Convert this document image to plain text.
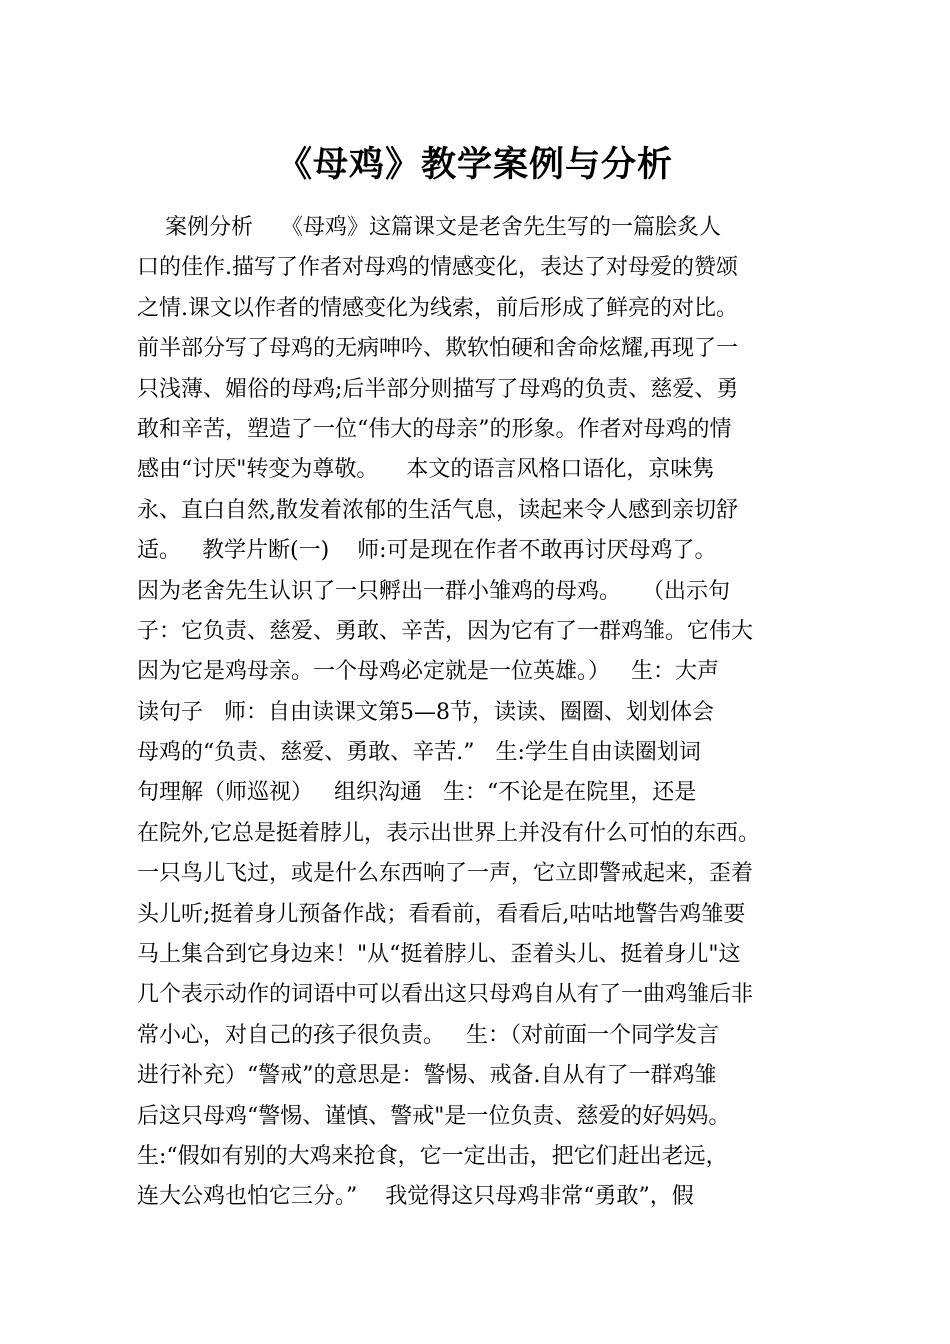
《母鸡》教学案例与分析
案例分析    《母鸡》这篇课文是老舍先生写的一篇脍炙人
口的佳作.描写了作者对母鸡的情感变化，表达了对母爱的赞颂
之情.课文以作者的情感变化为线索，前后形成了鲜亮的对比。
前半部分写了母鸡的无病呻吟、欺软怕硬和舍命炫耀,再现了一
只浅薄、媚俗的母鸡;后半部分则描写了母鸡的负责、慈爱、勇
敢和辛苦，塑造了一位“伟大的母亲”的形象。作者对母鸡的情
感由“讨厌"转变为尊敬。    本文的语言风格口语化，京味隽
永、直白自然,散发着浓郁的生活气息，读起来令人感到亲切舒
适。   教学片断(一)    师:可是现在作者不敢再讨厌母鸡了。
因为老舍先生认识了一只孵出一群小雏鸡的母鸡。   （出示句
子：它负责、慈爱、勇敢、辛苦，因为它有了一群鸡雏。它伟大
因为它是鸡母亲。一个母鸡必定就是一位英雄。）   生：大声
读句子   师：自由读课文第5—8节，读读、圈圈、划划体会
母鸡的“负责、慈爱、勇敢、辛苦.”   生:学生自由读圈划词
句理解（师巡视）   组织沟通   生：“不论是在院里，还是
在院外,它总是挺着脖儿，表示出世界上并没有什么可怕的东西。
一只鸟儿飞过，或是什么东西响了一声，它立即警戒起来，歪着
头儿听;挺着身儿预备作战；看看前，看看后,咕咕地警告鸡雏要
马上集合到它身边来！"从“挺着脖儿、歪着头儿、挺着身儿"这
几个表示动作的词语中可以看出这只母鸡自从有了一曲鸡雏后非
常小心，对自己的孩子很负责。   生：（对前面一个同学发言
进行补充）“警戒”的意思是：警惕、戒备.自从有了一群鸡雏
后这只母鸡“警惕、谨慎、警戒"是一位负责、慈爱的好妈妈。
生:“假如有别的大鸡来抢食，它一定出击，把它们赶出老远，
连大公鸡也怕它三分。”    我觉得这只母鸡非常“勇敢”，假
